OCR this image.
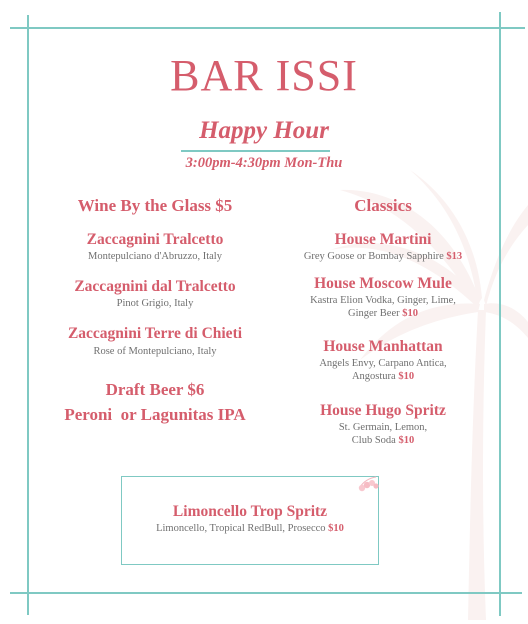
BAR ISSI
Happy Hour
3:00pm-4:30pm Mon-Thu
Wine By the Glass $5
Zaccagnini Tralcetto
Montepulciano d'Abruzzo, Italy
Zaccagnini dal Tralcetto
Pinot Grigio, Italy
Zaccagnini Terre di Chieti
Rose of Montepulciano, Italy
Draft Beer $6
Peroni  or Lagunitas IPA
Classics
House Martini
Grey Goose or Bombay Sapphire $13
House Moscow Mule
Kastra Elion Vodka, Ginger, Lime,
Ginger Beer $10
House Manhattan
Angels Envy, Carpano Antica,
Angostura $10
House Hugo Spritz
St. Germain, Lemon,
Club Soda $10
Limoncello Trop Spritz
Limoncello, Tropical RedBull, Prosecco $10
